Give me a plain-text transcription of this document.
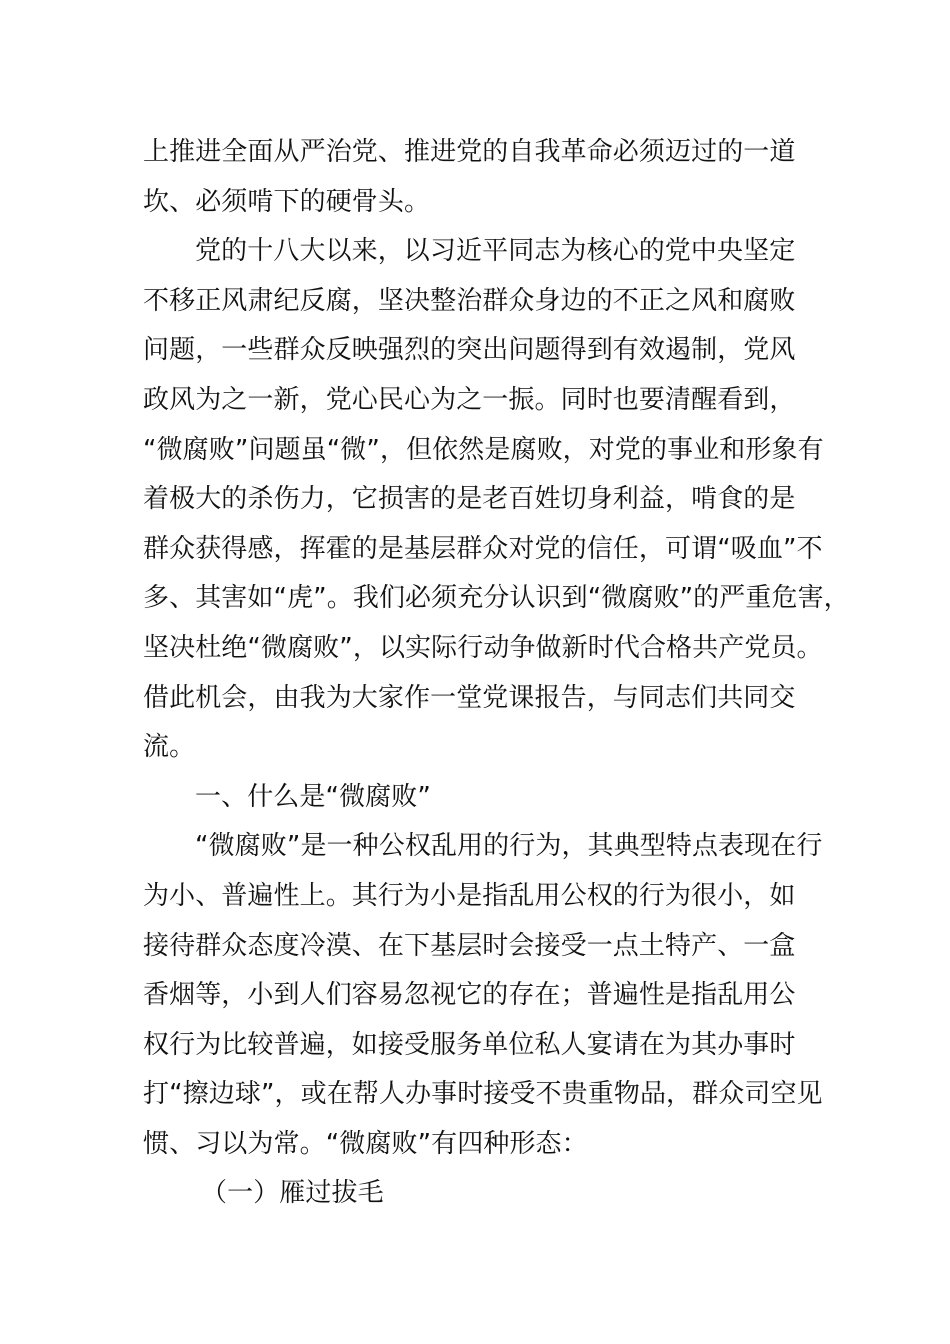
上推进全面从严治党、推进党的自我革命必须迈过的一道
坎、必须啃下的硬骨头。
党的十八大以来，以习近平同志为核心的党中央坚定
不移正风肃纪反腐，坚决整治群众身边的不正之风和腐败
问题，一些群众反映强烈的突出问题得到有效遏制，党风
政风为之一新，党心民心为之一振。同时也要清醒看到，
“微腐败”问题虽“微”，但依然是腐败，对党的事业和形象有
着极大的杀伤力，它损害的是老百姓切身利益，啃食的是
群众获得感，挥霍的是基层群众对党的信任，可谓“吸血”不
多、其害如“虎”。我们必须充分认识到“微腐败”的严重危害，
坚决杜绝“微腐败”，以实际行动争做新时代合格共产党员。
借此机会，由我为大家作一堂党课报告，与同志们共同交
流。
一、什么是“微腐败”
“微腐败”是一种公权乱用的行为，其典型特点表现在行
为小、普遍性上。其行为小是指乱用公权的行为很小，如
接待群众态度冷漠、在下基层时会接受一点土特产、一盒
香烟等，小到人们容易忽视它的存在；普遍性是指乱用公
权行为比较普遍，如接受服务单位私人宴请在为其办事时
打“擦边球”，或在帮人办事时接受不贵重物品，群众司空见
惯、习以为常。“微腐败”有四种形态：
（一）雁过拔毛
